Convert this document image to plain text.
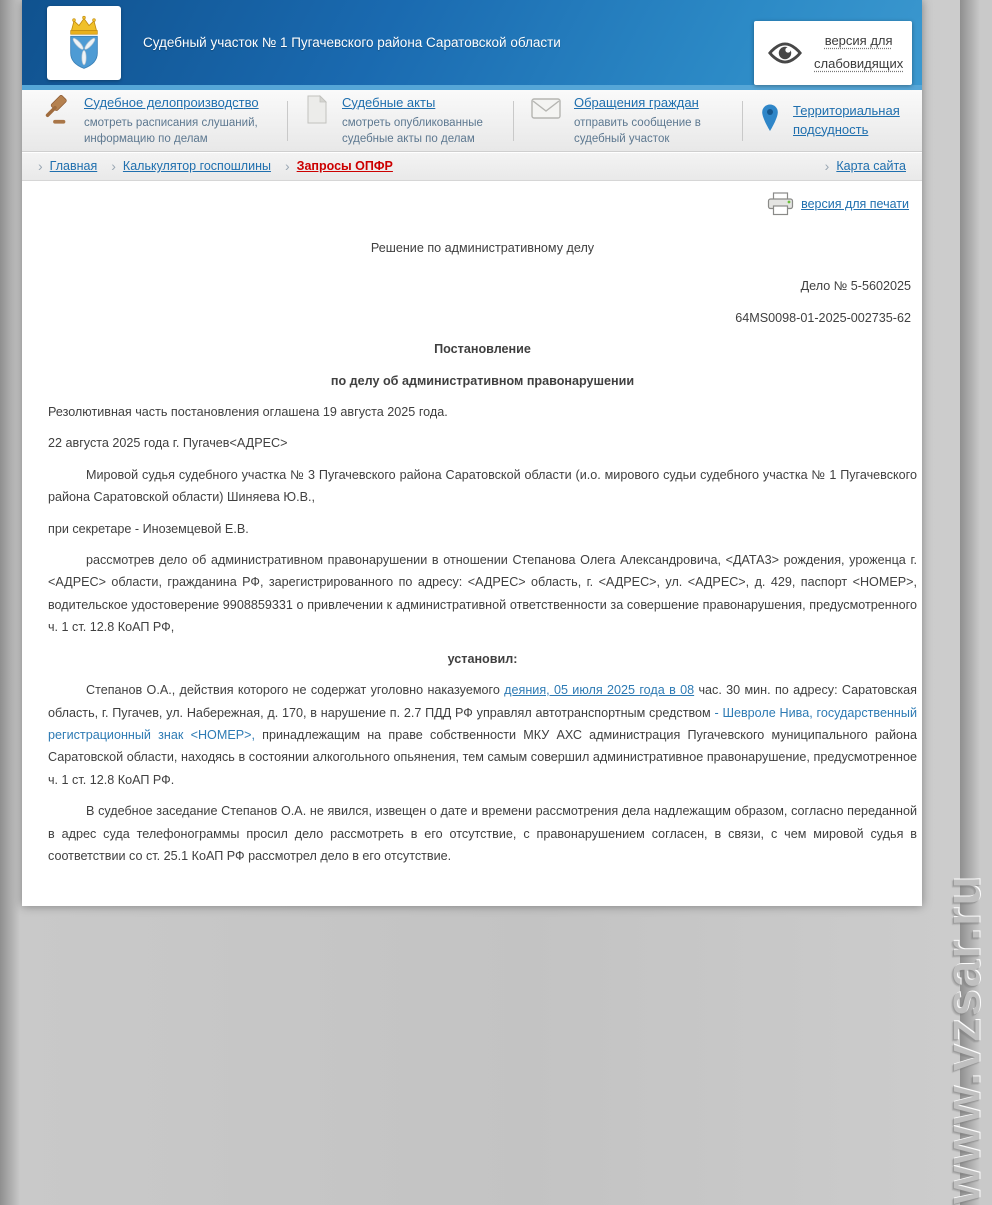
Судебный участок № 1 Пугачевского района Саратовской области	версия для слабовидящих
Судебное делопроизводство
смотреть расписания слушаний, информацию по делам
Судебные акты
смотреть опубликованные судебные акты по делам
Обращения граждан
отправить сообщение в судебный участок
Территориальная подсудность
› Главная › Калькулятор госпошлины › Запросы ОПФР	› Карта сайта
версия для печати

Решение по административному делу

Дело № 5-5602025

64MS0098-01-2025-002735-62

Постановление

по делу об административном правонарушении

Резолютивная часть постановления оглашена 19 августа 2025 года.

22 августа 2025 года г. Пугачев<АДРЕС>

Мировой судья судебного участка № 3 Пугачевского района Саратовской области (и.о. мирового судьи судебного участка № 1 Пугачевского района Саратовской области) Шиняева Ю.В.,

при секретаре - Иноземцевой Е.В.

рассмотрев дело об административном правонарушении в отношении Степанова Олега Александровича, <ДАТА3> рождения, уроженца г. <АДРЕС> области, гражданина РФ, зарегистрированного по адресу: <АДРЕС> область, г. <АДРЕС>, ул. <АДРЕС>, д. 429, паспорт <НОМЕР>, водительское удостоверение 9908859331 о привлечении к административной ответственности за совершение правонарушения, предусмотренного ч. 1 ст. 12.8 КоАП РФ,

установил:

Степанов О.А., действия которого не содержат уголовно наказуемого деяния, 05 июля 2025 года в 08 час. 30 мин. по адресу: Саратовская область, г. Пугачев, ул. Набережная, д. 170, в нарушение п. 2.7 ПДД РФ управлял автотранспортным средством - Шевроле Нива, государственный регистрационный знак <НОМЕР>, принадлежащим на праве собственности МКУ АХС администрация Пугачевского муниципального района Саратовской области, находясь в состоянии алкогольного опьянения, тем самым совершил административное правонарушение, предусмотренное ч. 1 ст. 12.8 КоАП РФ.

В судебное заседание Степанов О.А. не явился, извещен о дате и времени рассмотрения дела надлежащим образом, согласно переданной в адрес суда телефонограммы просил дело рассмотреть в его отсутствие, с правонарушением согласен, в связи, с чем мировой судья в соответствии со ст. 25.1 КоАП РФ рассмотрел дело в его отсутствие.

www.vzsar.ru
